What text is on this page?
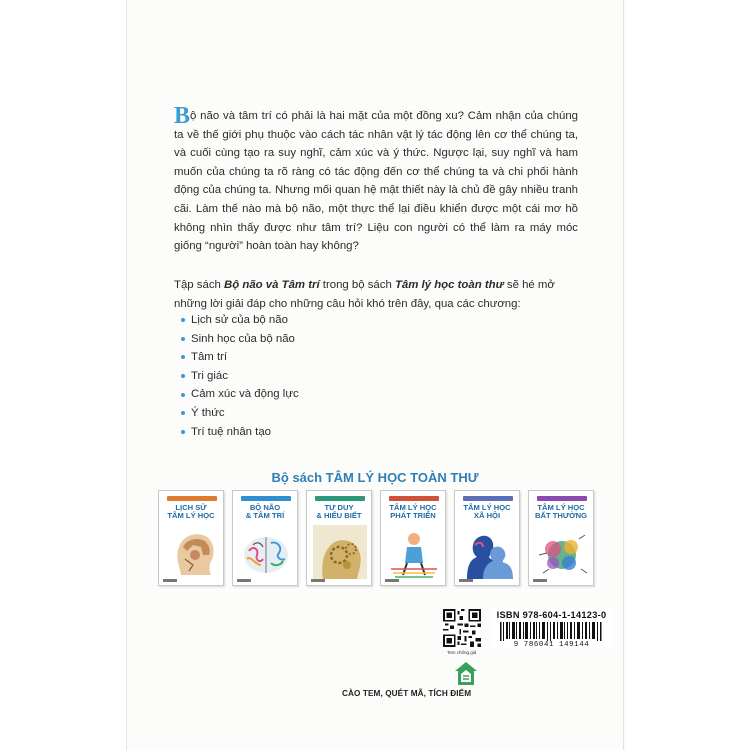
Bộ não và tâm trí có phải là hai mặt của một đồng xu? Cảm nhận của chúng ta về thế giới phụ thuộc vào cách tác nhân vật lý tác động lên cơ thể chúng ta, và cuối cùng tạo ra suy nghĩ, cảm xúc và ý thức. Ngược lại, suy nghĩ và ham muốn của chúng ta rõ ràng có tác động đến cơ thể chúng ta và chi phối hành động của chúng ta. Nhưng mối quan hệ mật thiết này là chủ đề gây nhiều tranh cãi. Làm thế nào mà bộ não, một thực thể lại điều khiển được một cái mơ hồ không nhìn thấy được như tâm trí? Liệu con người có thể làm ra máy móc giống “người” hoàn toàn hay không?

Tập sách Bộ não và Tâm trí trong bộ sách Tâm lý học toàn thư sẽ hé mở những lời giải đáp cho những câu hỏi khó trên đây, qua các chương:

Lịch sử của bộ não
Sinh học của bộ não
Tâm trí
Tri giác
Cảm xúc và động lực
Ý thức
Trí tuệ nhân tạo
Bộ sách TÂM LÝ HỌC TOÀN THƯ
LỊCH SỬ
TÂM LÝ HỌC
BỘ NÃO
& TÂM TRÍ
TƯ DUY
& HIỂU BIẾT
TÂM LÝ HỌC
PHÁT TRIỂN
TÂM LÝ HỌC
XÃ HỘI
TÂM LÝ HỌC
BẤT THƯỜNG
Tem chống giả
ISBN 978-604-1-14123-0
9 786041 149144
CÀO TEM, QUÉT MÃ, TÍCH ĐIỂM
